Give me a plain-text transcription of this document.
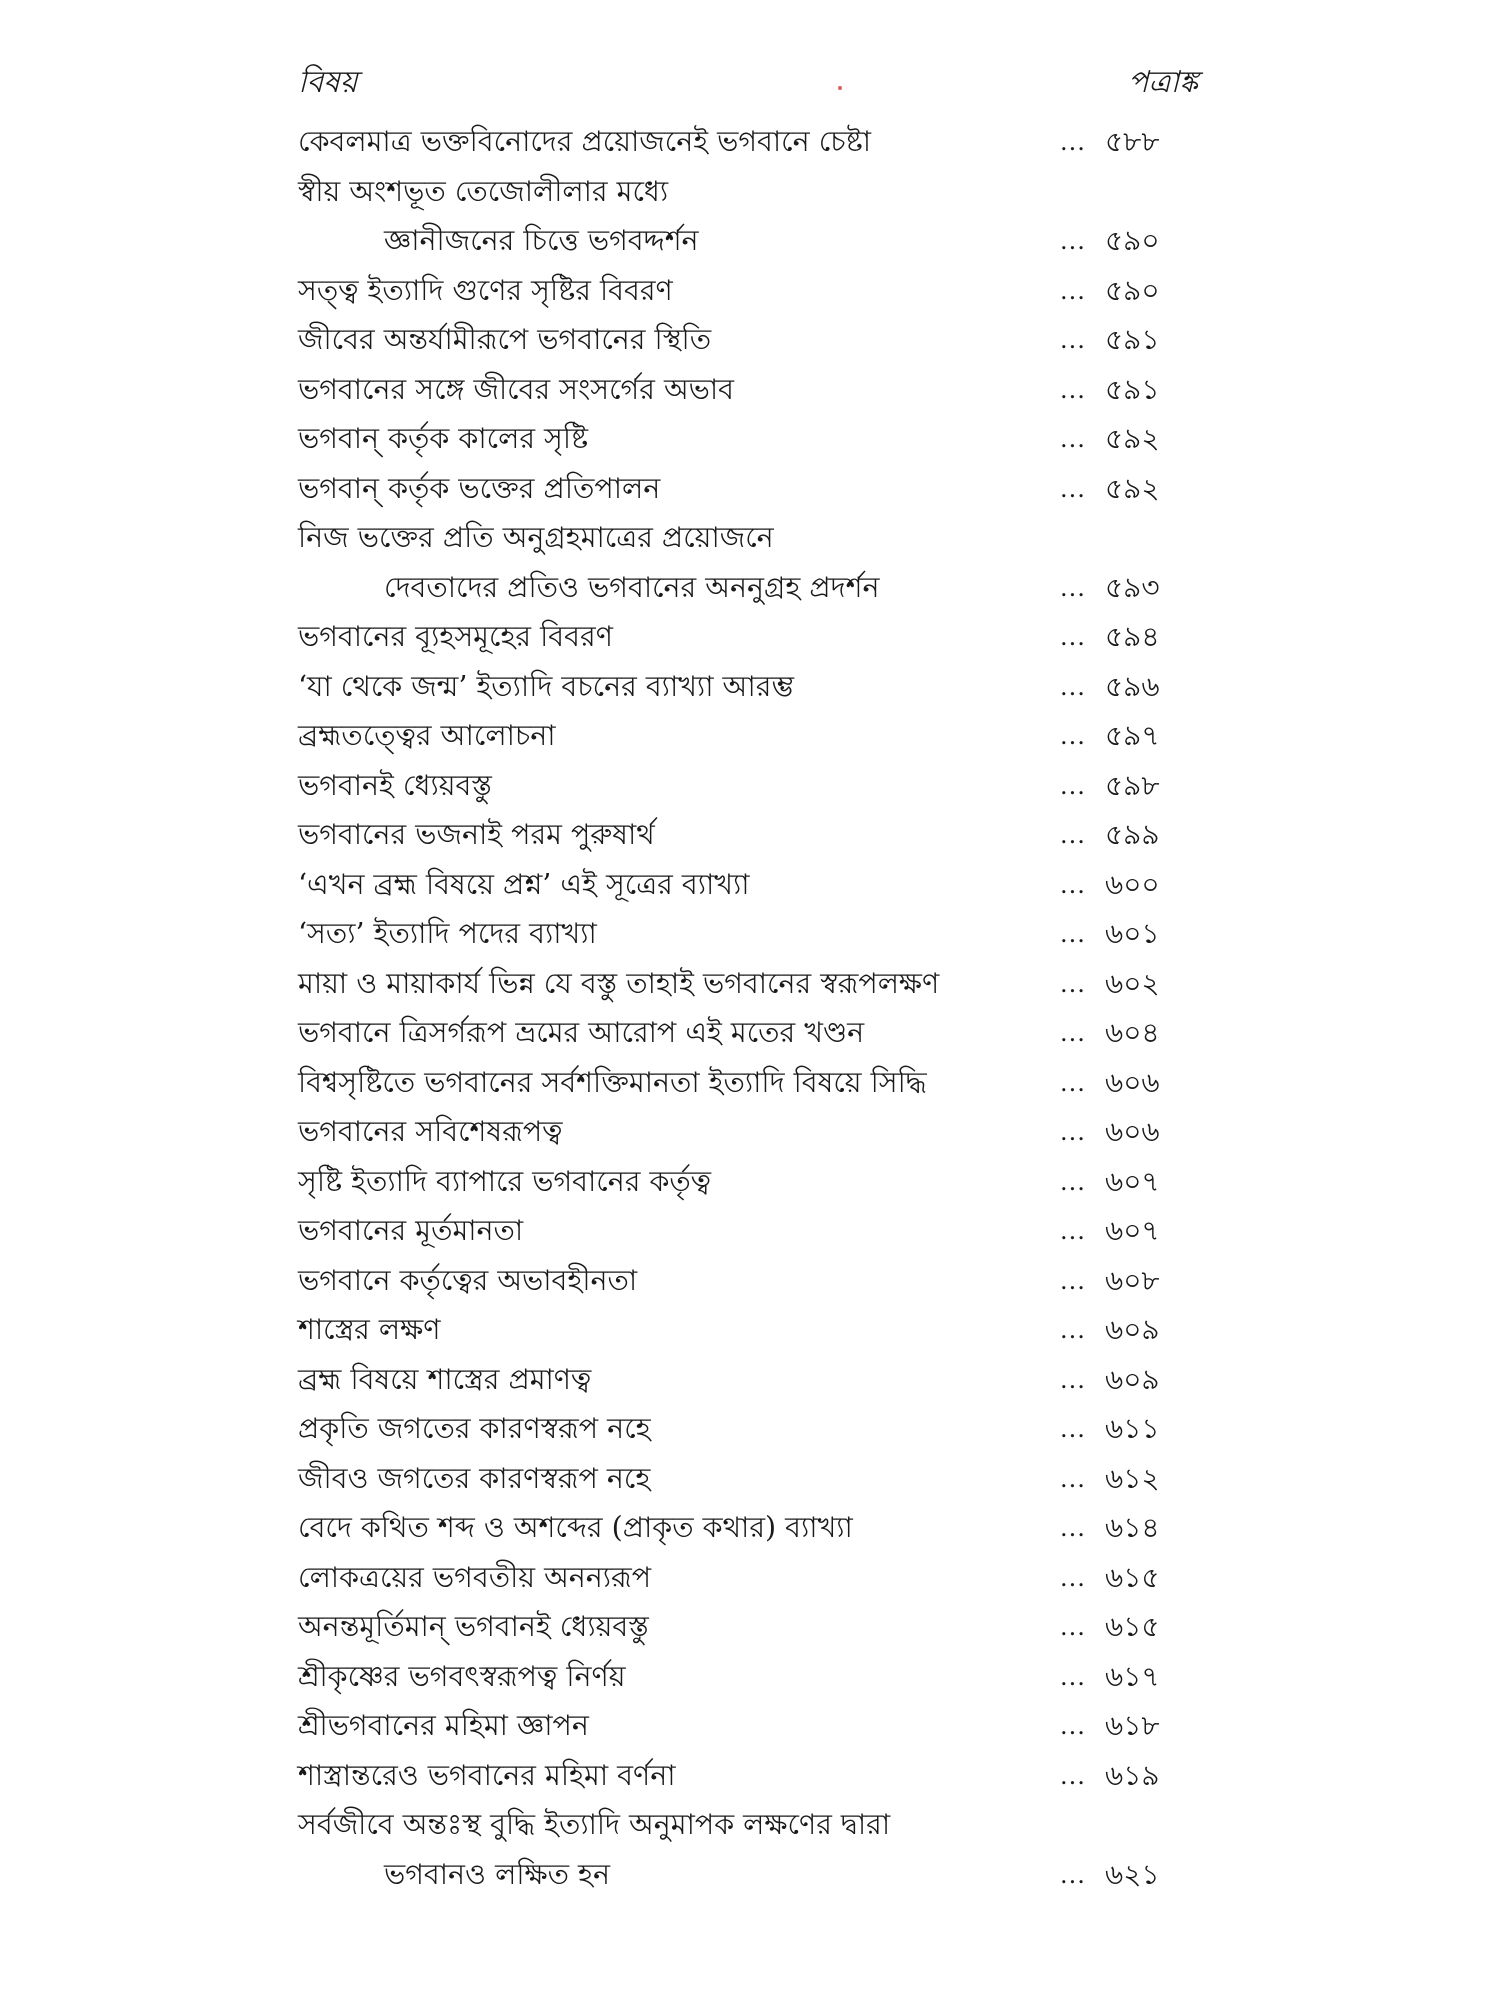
বিষয়	পত্রাঙ্ক
কেবলমাত্র ভক্তবিনোদের প্রয়োজনেই ভগবানে চেষ্টা	... ৫৮৮
স্বীয় অংশভূত তেজোলীলার মধ্যে
জ্ঞানীজনের চিত্তে ভগবদ্দর্শন	... ৫৯০
সত্ত্ব ইত্যাদি গুণের সৃষ্টির বিবরণ	... ৫৯০
জীবের অন্তর্যামীরূপে ভগবানের স্থিতি	... ৫৯১
ভগবানের সঙ্গে জীবের সংসর্গের অভাব	... ৫৯১
ভগবান্ কর্তৃক কালের সৃষ্টি	... ৫৯২
ভগবান্ কর্তৃক ভক্তের প্রতিপালন	... ৫৯২
নিজ ভক্তের প্রতি অনুগ্রহমাত্রের প্রয়োজনে
দেবতাদের প্রতিও ভগবানের অননুগ্রহ প্রদর্শন	... ৫৯৩
ভগবানের ব্যূহসমূহের বিবরণ	... ৫৯৪
‘যা থেকে জন্ম’ ইত্যাদি বচনের ব্যাখ্যা আরম্ভ	... ৫৯৬
ব্রহ্মতত্ত্বের আলোচনা	... ৫৯৭
ভগবানই ধ্যেয়বস্তু	... ৫৯৮
ভগবানের ভজনাই পরম পুরুষার্থ	... ৫৯৯
‘এখন ব্রহ্ম বিষয়ে প্রশ্ন’ এই সূত্রের ব্যাখ্যা	... ৬০০
‘সত্য’ ইত্যাদি পদের ব্যাখ্যা	... ৬০১
মায়া ও মায়াকার্য ভিন্ন যে বস্তু তাহাই ভগবানের স্বরূপলক্ষণ	... ৬০২
ভগবানে ত্রিসর্গরূপ ভ্রমের আরোপ এই মতের খণ্ডন	... ৬০৪
বিশ্বসৃষ্টিতে ভগবানের সর্বশক্তিমানতা ইত্যাদি বিষয়ে সিদ্ধি	... ৬০৬
ভগবানের সবিশেষরূপত্ব	... ৬০৬
সৃষ্টি ইত্যাদি ব্যাপারে ভগবানের কর্তৃত্ব	... ৬০৭
ভগবানের মূর্তমানতা	... ৬০৭
ভগবানে কর্তৃত্বের অভাবহীনতা	... ৬০৮
শাস্ত্রের লক্ষণ	... ৬০৯
ব্রহ্ম বিষয়ে শাস্ত্রের প্রমাণত্ব	... ৬০৯
প্রকৃতি জগতের কারণস্বরূপ নহে	... ৬১১
জীবও জগতের কারণস্বরূপ নহে	... ৬১২
বেদে কথিত শব্দ ও অশব্দের (প্রাকৃত কথার) ব্যাখ্যা	... ৬১৪
লোকত্রয়ের ভগবতীয় অনন্যরূপ	... ৬১৫
অনন্তমূর্তিমান্ ভগবানই ধ্যেয়বস্তু	... ৬১৫
শ্রীকৃষ্ণের ভগবৎস্বরূপত্ব নির্ণয়	... ৬১৭
শ্রীভগবানের মহিমা জ্ঞাপন	... ৬১৮
শাস্ত্রান্তরেও ভগবানের মহিমা বর্ণনা	... ৬১৯
সর্বজীবে অন্তঃস্থ বুদ্ধি ইত্যাদি অনুমাপক লক্ষণের দ্বারা
ভগবানও লক্ষিত হন	... ৬২১
